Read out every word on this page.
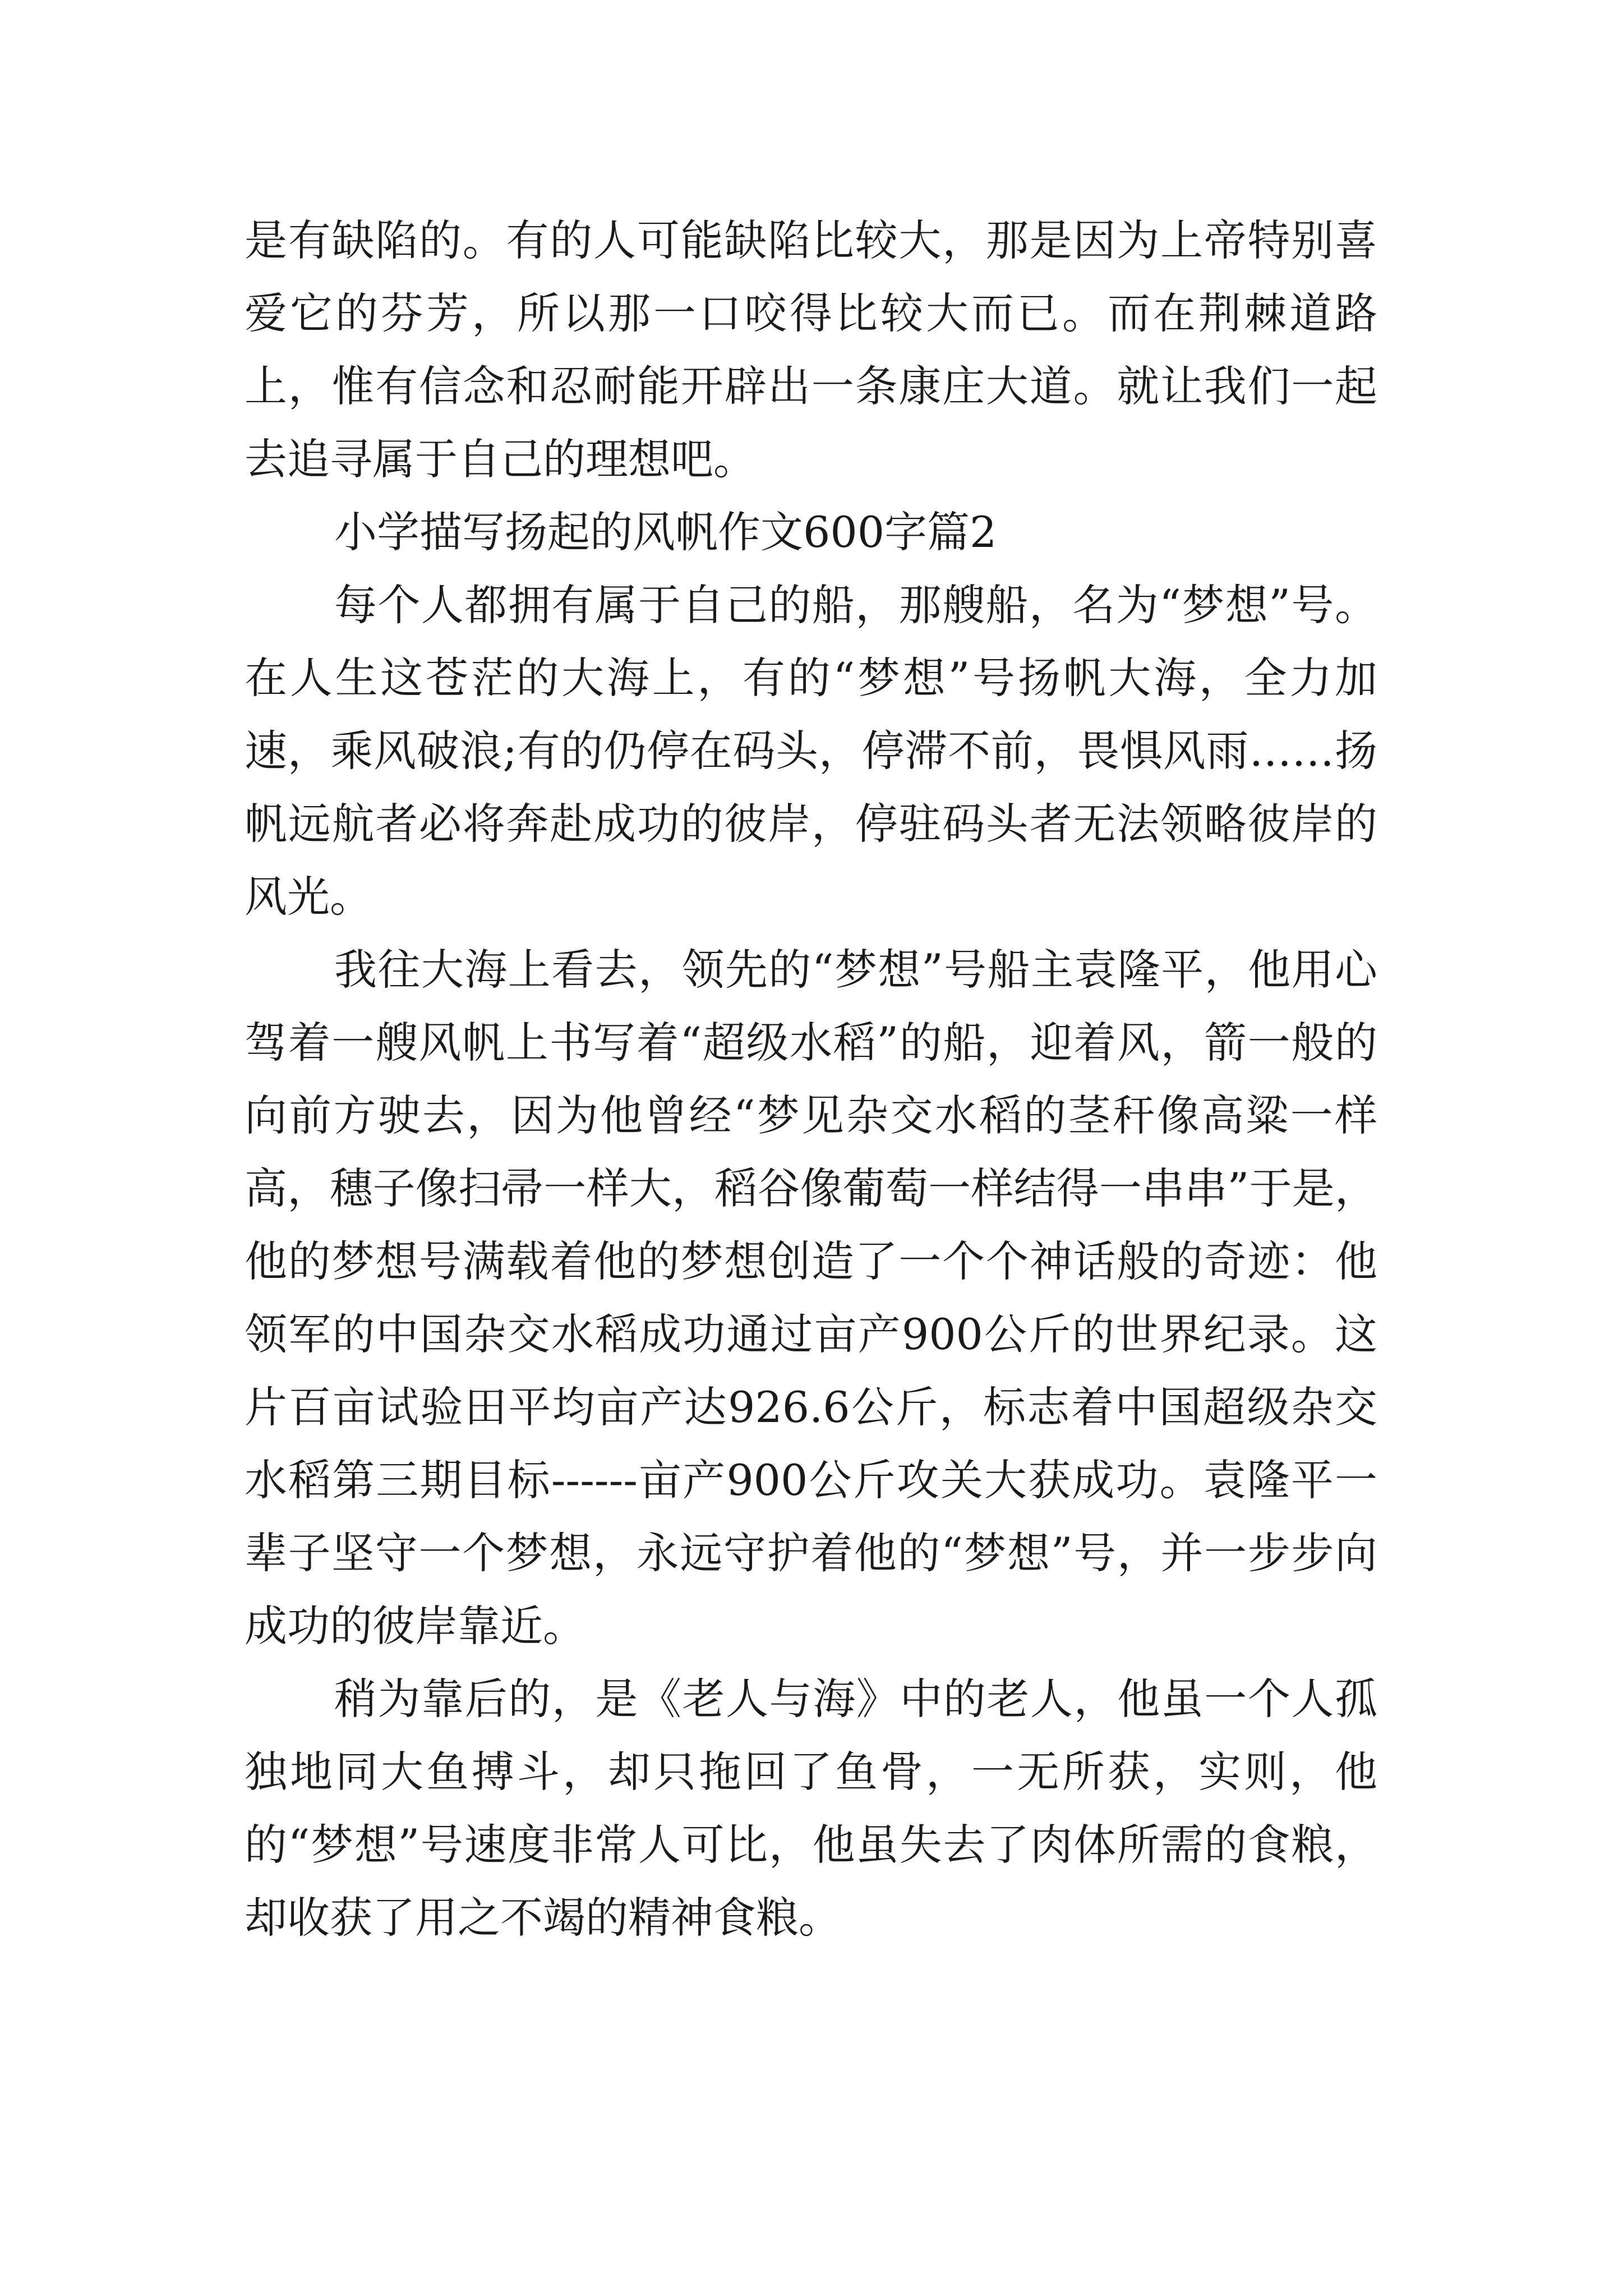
是有缺陷的。有的人可能缺陷比较大，那是因为上帝特别喜爱它的芬芳，所以那一口咬得比较大而已。而在荆棘道路上，惟有信念和忍耐能开辟出一条康庄大道。就让我们一起去追寻属于自己的理想吧。

小学描写扬起的风帆作文600字篇2

每个人都拥有属于自己的船，那艘船，名为“梦想”号。在人生这苍茫的大海上，有的“梦想”号扬帆大海，全力加速，乘风破浪;有的仍停在码头，停滞不前，畏惧风雨……扬帆远航者必将奔赴成功的彼岸，停驻码头者无法领略彼岸的风光。

我往大海上看去，领先的“梦想”号船主袁隆平，他用心驾着一艘风帆上书写着“超级水稻”的船，迎着风，箭一般的向前方驶去，因为他曾经“梦见杂交水稻的茎秆像高粱一样高，穗子像扫帚一样大，稻谷像葡萄一样结得一串串”于是，他的梦想号满载着他的梦想创造了一个个神话般的奇迹：他领军的中国杂交水稻成功通过亩产900公斤的世界纪录。这片百亩试验田平均亩产达926.6公斤，标志着中国超级杂交水稻第三期目标------亩产900公斤攻关大获成功。袁隆平一辈子坚守一个梦想，永远守护着他的“梦想”号，并一步步向成功的彼岸靠近。

稍为靠后的，是《老人与海》中的老人，他虽一个人孤独地同大鱼搏斗，却只拖回了鱼骨，一无所获，实则，他的“梦想”号速度非常人可比，他虽失去了肉体所需的食粮，却收获了用之不竭的精神食粮。
